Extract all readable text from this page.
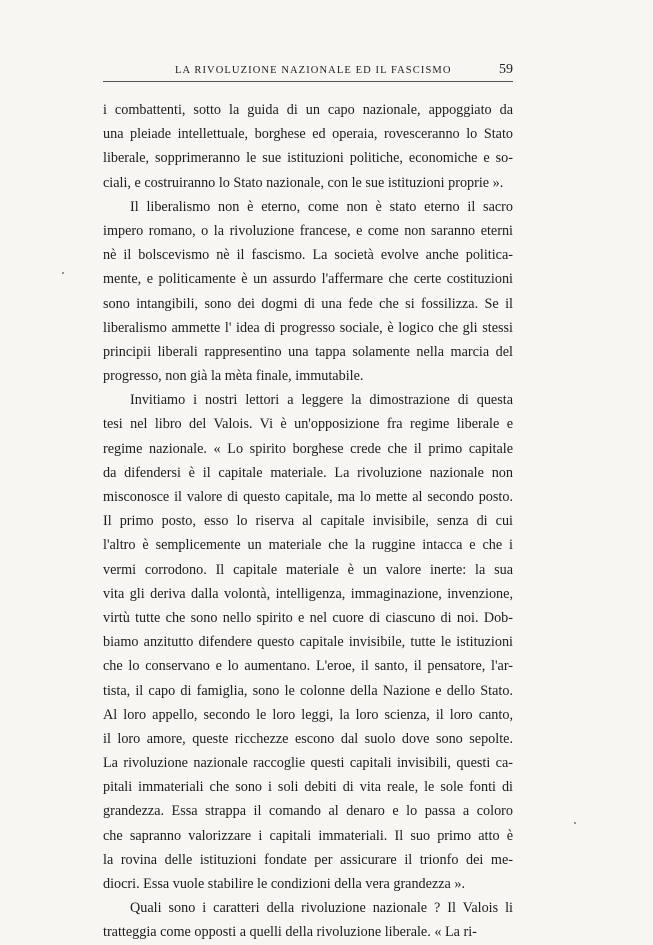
LA RIVOLUZIONE NAZIONALE ED IL FASCISMO	59
i combattenti, sotto la guida di un capo nazionale, appoggiato da
una pleiade intellettuale, borghese ed operaia, rovesceranno lo Stato
liberale, sopprimeranno le sue istituzioni politiche, economiche e so-
ciali, e costruiranno lo Stato nazionale, con le sue istituzioni proprie ».
Il liberalismo non è eterno, come non è stato eterno il sacro
impero romano, o la rivoluzione francese, e come non saranno eterni
nè il bolscevismo nè il fascismo. La società evolve anche politica-
mente, e politicamente è un assurdo l'affermare che certe costituzioni
sono intangibili, sono dei dogmi di una fede che si fossilizza. Se il
liberalismo ammette l' idea di progresso sociale, è logico che gli stessi
principii liberali rappresentino una tappa solamente nella marcia del
progresso, non già la mèta finale, immutabile.
Invitiamo i nostri lettori a leggere la dimostrazione di questa
tesi nel libro del Valois. Vi è un'opposizione fra regime liberale e
regime nazionale. « Lo spirito borghese crede che il primo capitale
da difendersi è il capitale materiale. La rivoluzione nazionale non
misconosce il valore di questo capitale, ma lo mette al secondo posto.
Il primo posto, esso lo riserva al capitale invisibile, senza di cui
l'altro è semplicemente un materiale che la ruggine intacca e che i
vermi corrodono. Il capitale materiale è un valore inerte: la sua
vita gli deriva dalla volontà, intelligenza, immaginazione, invenzione,
virtù tutte che sono nello spirito e nel cuore di ciascuno di noi. Dob-
biamo anzitutto difendere questo capitale invisibile, tutte le istituzioni
che lo conservano e lo aumentano. L'eroe, il santo, il pensatore, l'ar-
tista, il capo di famiglia, sono le colonne della Nazione e dello Stato.
Al loro appello, secondo le loro leggi, la loro scienza, il loro canto,
il loro amore, queste ricchezze escono dal suolo dove sono sepolte.
La rivoluzione nazionale raccoglie questi capitali invisibili, questi ca-
pitali immateriali che sono i soli debiti di vita reale, le sole fonti di
grandezza. Essa strappa il comando al denaro e lo passa a coloro
che sapranno valorizzare i capitali immateriali. Il suo primo atto è
la rovina delle istituzioni fondate per assicurare il trionfo dei me-
diocri. Essa vuole stabilire le condizioni della vera grandezza ».
Quali sono i caratteri della rivoluzione nazionale ? Il Valois li
tratteggia come opposti a quelli della rivoluzione liberale. « La ri-
